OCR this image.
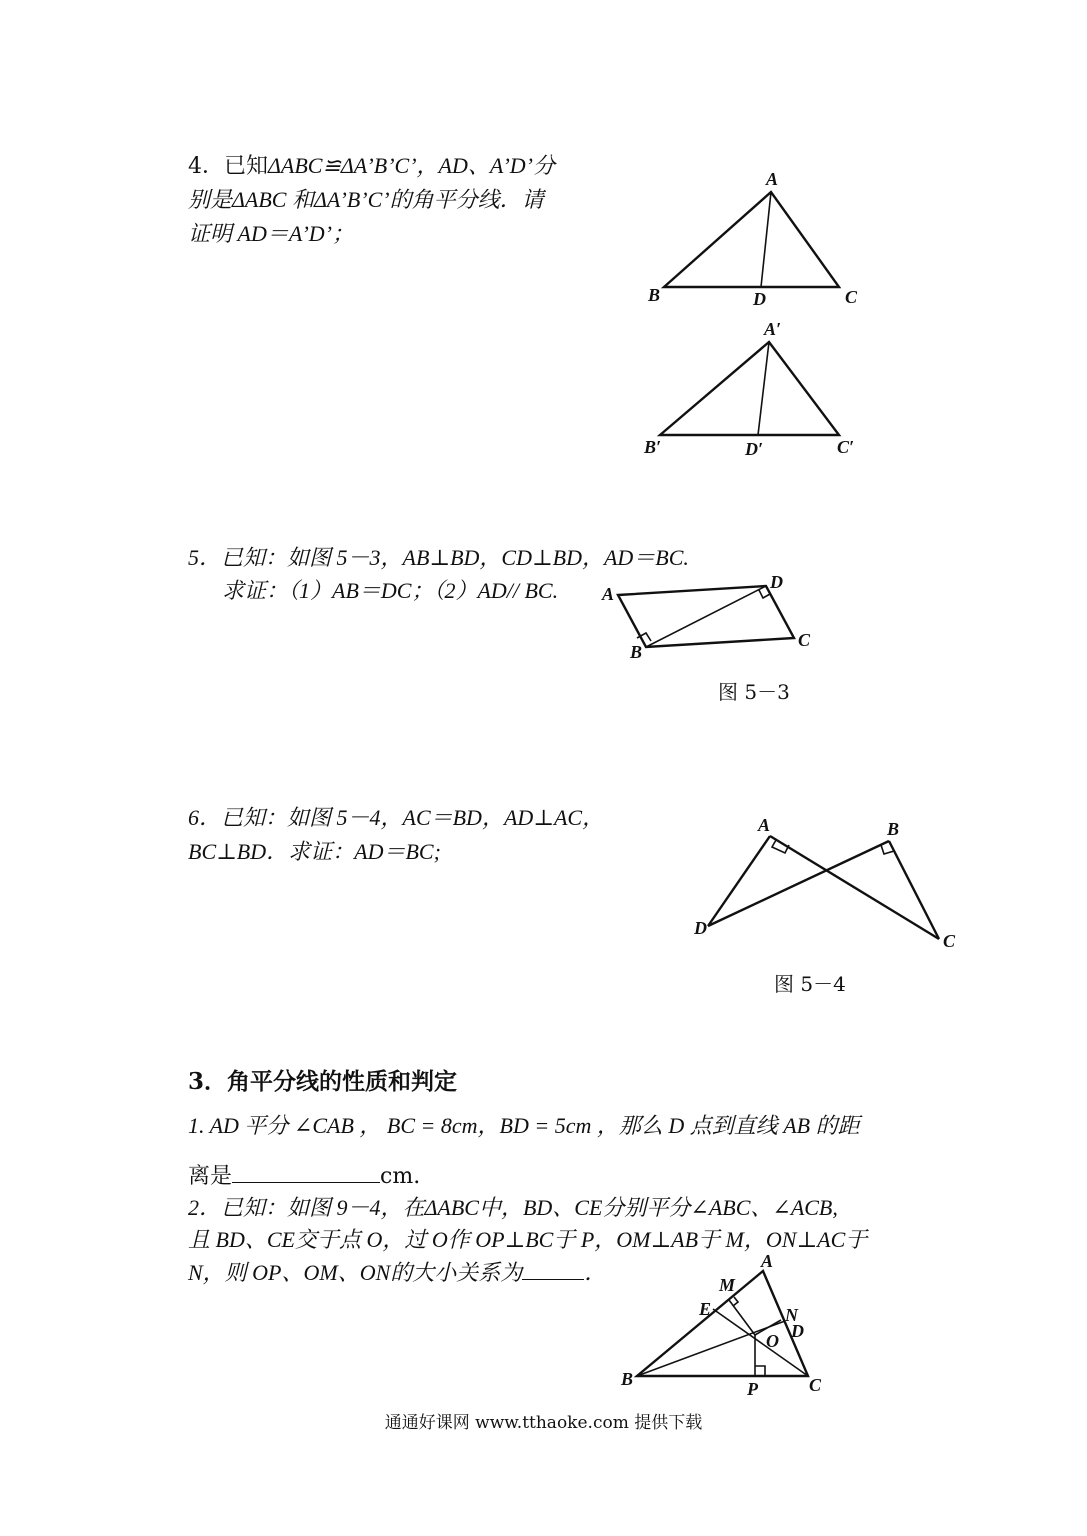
4．已知ΔABC≌ΔA’B’C’，AD、A’D’分
别是ΔABC 和ΔA’B’C’的角平分线．请
证明 AD＝A’D’；
A
B	D	C
A′
B′	D′	C′
5．已知：如图 5－3，AB⊥BD，CD⊥BD，AD＝BC.
求证：（1）AB＝DC；（2）AD// BC. A
D
C
B
图 5－3
6．已知：如图 5－4，AC＝BD，AD⊥AC，
BC⊥BD．求证：AD＝BC;
A	B
D
C
图 5－4
3．角平分线的性质和判定
1. AD 平分 ∠CAB ， BC = 8cm，BD = 5cm ，那么 D 点到直线 AB 的距
离是	cm.
2．已知：如图 9－4，在ΔABC中，BD、CE分别平分∠ABC、∠ACB,
且 BD、CE交于点 O，过 O作 OP⊥BC于 P，OM⊥AB于 M，ON⊥AC于
N，则 OP、OM、ON的大小关系为	．	A
M
E	N
D
O
B	P	C
通通好课网 www.tthaoke.com 提供下载
